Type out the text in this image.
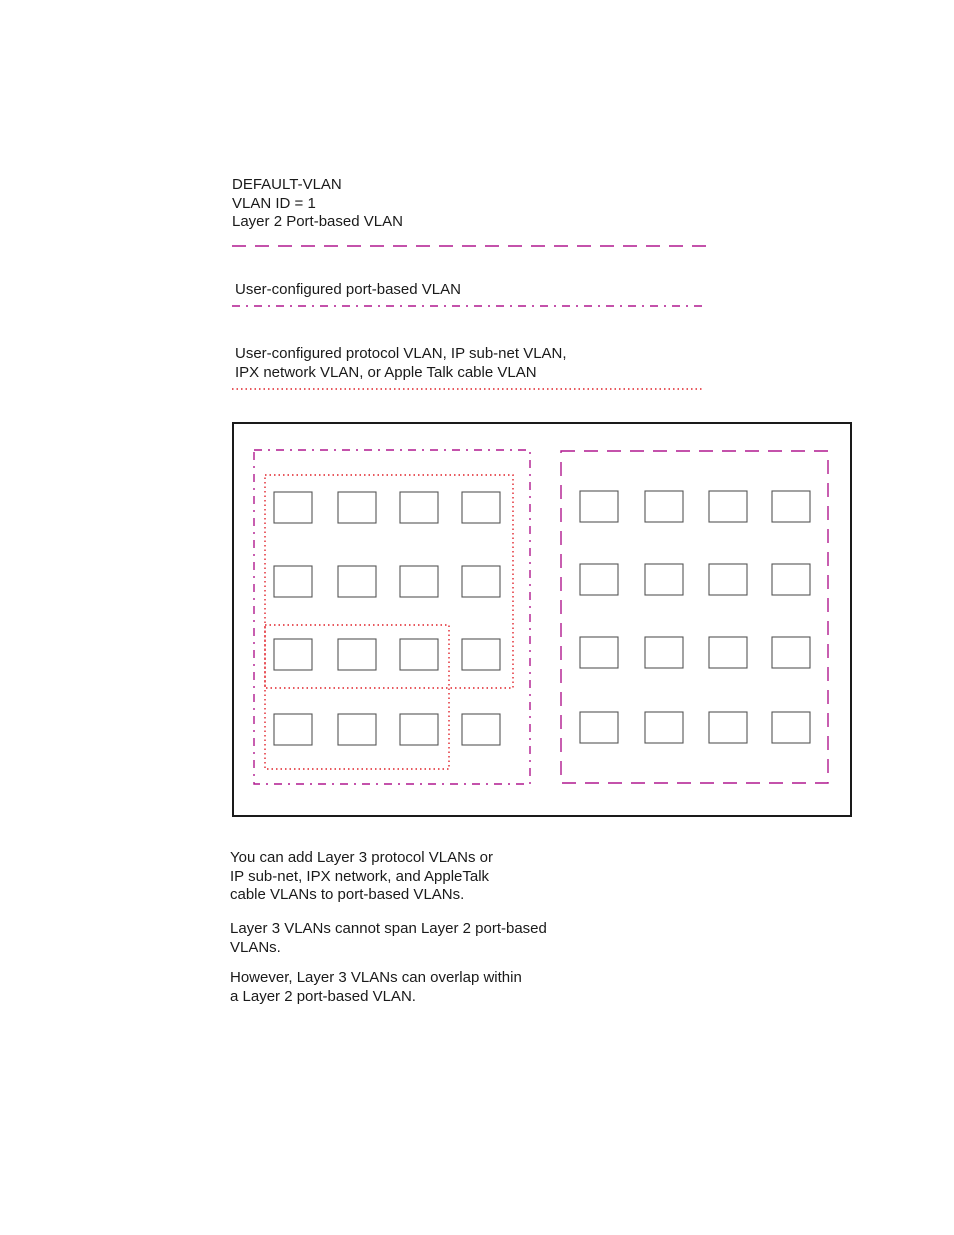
DEFAULT-VLAN
VLAN ID = 1
Layer 2 Port-based VLAN
User-configured port-based VLAN
User-configured protocol VLAN, IP sub-net VLAN,
IPX network VLAN, or Apple Talk cable VLAN
You can add Layer 3 protocol VLANs or
IP sub-net, IPX network, and AppleTalk
cable VLANs to port-based VLANs.
Layer 3 VLANs cannot span Layer 2 port-based
VLANs.
However, Layer 3 VLANs can overlap within
a Layer 2 port-based VLAN.
